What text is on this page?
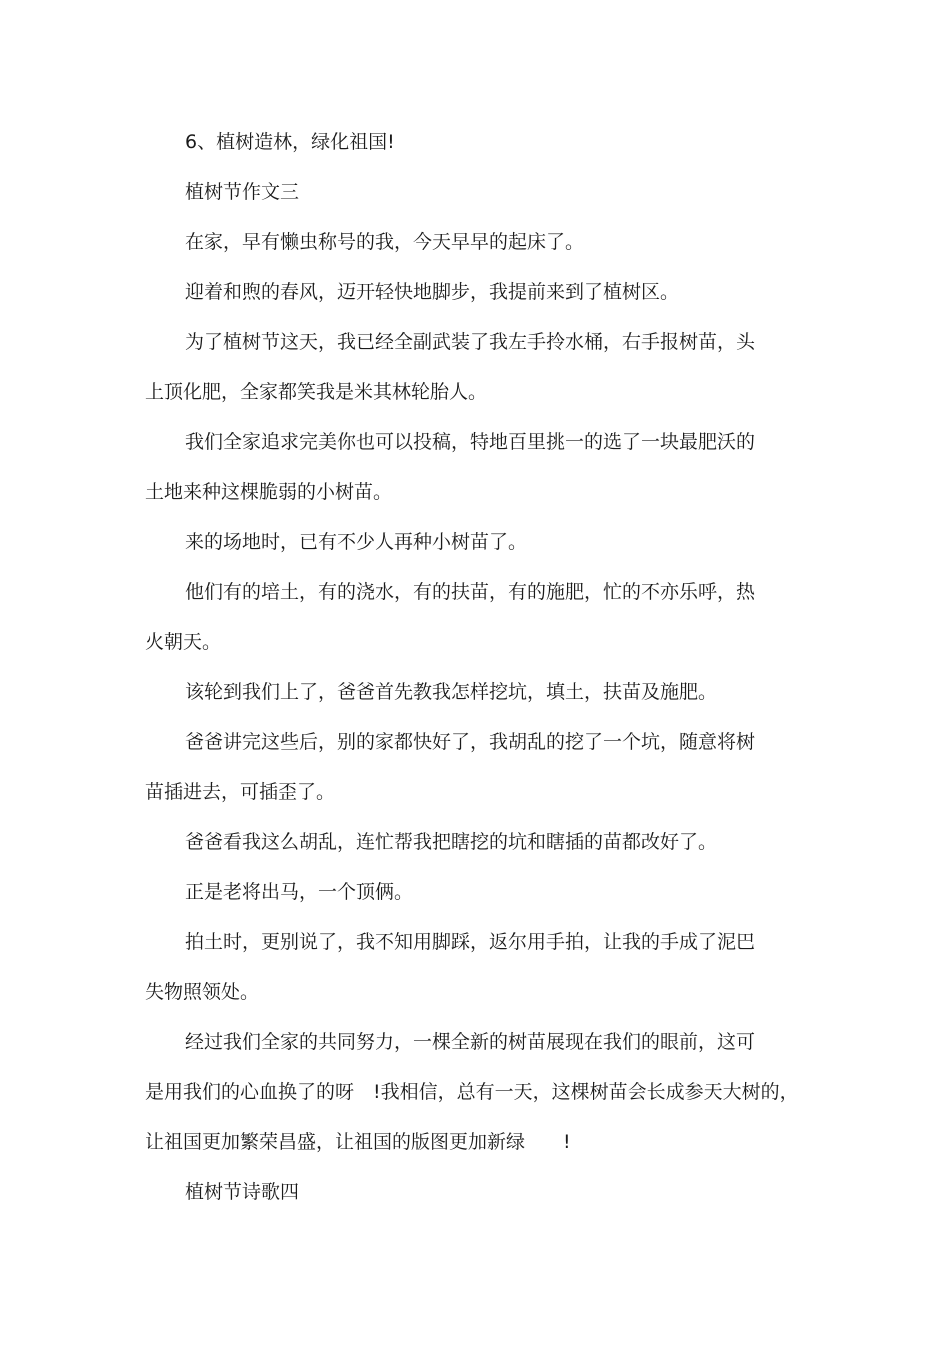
6、植树造林，绿化祖国!
植树节作文三
在家，早有懒虫称号的我，今天早早的起床了。
迎着和煦的春风，迈开轻快地脚步，我提前来到了植树区。
为了植树节这天，我已经全副武装了我左手拎水桶，右手报树苗，头
上顶化肥，全家都笑我是米其林轮胎人。
我们全家追求完美你也可以投稿，特地百里挑一的选了一块最肥沃的
土地来种这棵脆弱的小树苗。
来的场地时，已有不少人再种小树苗了。
他们有的培土，有的浇水，有的扶苗，有的施肥，忙的不亦乐呼，热
火朝天。
该轮到我们上了，爸爸首先教我怎样挖坑，填土，扶苗及施肥。
爸爸讲完这些后，别的家都快好了，我胡乱的挖了一个坑，随意将树
苗插进去，可插歪了。
爸爸看我这么胡乱，连忙帮我把瞎挖的坑和瞎插的苗都改好了。
正是老将出马，一个顶俩。
拍土时，更别说了，我不知用脚踩，返尔用手拍，让我的手成了泥巴
失物照领处。
经过我们全家的共同努力，一棵全新的树苗展现在我们的眼前，这可
是用我们的心血换了的呀　!我相信，总有一天，这棵树苗会长成参天大树的，
让祖国更加繁荣昌盛，让祖国的版图更加新绿　　!
植树节诗歌四
